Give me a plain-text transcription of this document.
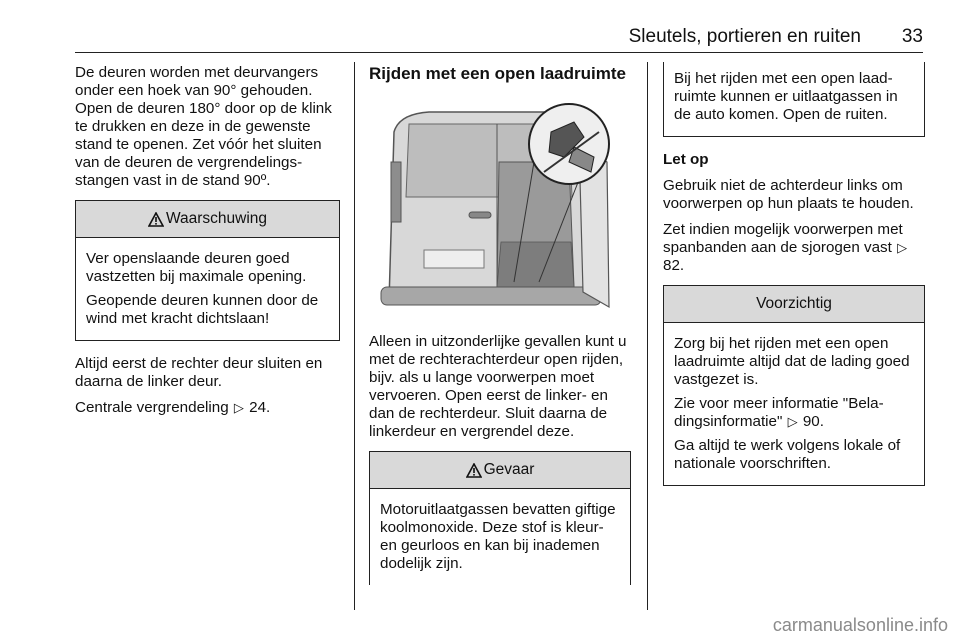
Sleutels, portieren en ruiten 33

De deuren worden met deurvangers onder een hoek van 90° gehouden. Open de deuren 180° door op de klink te drukken en deze in de gewenste stand te openen. Zet vóór het sluiten van de deuren de vergrendelingsstangen vast in de stand 90º.

Waarschuwing

Ver openslaande deuren goed vastzetten bij maximale opening.

Geopende deuren kunnen door de wind met kracht dichtslaan!

Altijd eerst de rechter deur sluiten en daarna de linker deur.

Centrale vergrendeling ▷ 24.

Rijden met een open laadruimte

Alleen in uitzonderlijke gevallen kunt u met de rechterachterdeur open rijden, bijv. als u lange voorwerpen moet vervoeren. Open eerst de linker- en dan de rechterdeur. Sluit daarna de linkerdeur en vergrendel deze.

Gevaar

Motoruitlaatgassen bevatten giftige koolmonoxide. Deze stof is kleur- en geurloos en kan bij inademen dodelijk zijn.

Bij het rijden met een open laadruimte kunnen er uitlaatgassen in de auto komen. Open de ruiten.

Let op

Gebruik niet de achterdeur links om voorwerpen op hun plaats te houden.

Zet indien mogelijk voorwerpen met spanbanden aan de sjorogen vast ▷ 82.

Voorzichtig

Zorg bij het rijden met een open laadruimte altijd dat de lading goed vastgezet is.

Zie voor meer informatie "Beladingsinformatie" ▷ 90.

Ga altijd te werk volgens lokale of nationale voorschriften.

carmanualsonline.info
